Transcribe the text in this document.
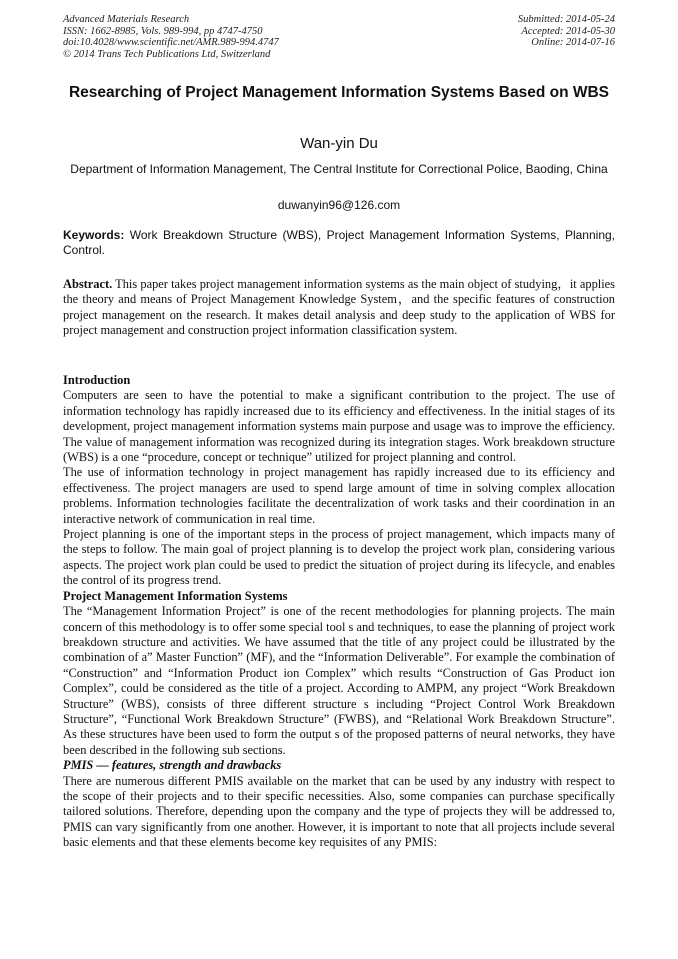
Advanced Materials Research
ISSN: 1662-8985, Vols. 989-994, pp 4747-4750
doi:10.4028/www.scientific.net/AMR.989-994.4747
© 2014 Trans Tech Publications Ltd, Switzerland
Submitted: 2014-05-24
Accepted: 2014-05-30
Online: 2014-07-16
Researching of Project Management Information Systems Based on WBS
Wan-yin Du
Department of Information Management, The Central Institute for Correctional Police, Baoding, China
duwanyin96@126.com

Keywords: Work Breakdown Structure (WBS), Project Management Information Systems, Planning, Control.

Abstract. This paper takes project management information systems as the main object of studying，it applies the theory and means of Project Management Knowledge System，and the specific features of construction project management on the research. It makes detail analysis and deep study to the application of WBS for project management and construction project information classification system.

Introduction

Computers are seen to have the potential to make a significant contribution to the project. The use of information technology has rapidly increased due to its efficiency and effectiveness. In the initial stages of its development, project management information systems main purpose and usage was to improve the efficiency. The value of management information was recognized during its integration stages. Work breakdown structure (WBS) is a one “procedure, concept or technique” utilized for project planning and control.

The use of information technology in project management has rapidly increased due to its efficiency and effectiveness. The project managers are used to spend large amount of time in solving complex allocation problems. Information technologies facilitate the decentralization of work tasks and their coordination in an interactive network of communication in real time.

Project planning is one of the important steps in the process of project management, which impacts many of the steps to follow. The main goal of project planning is to develop the project work plan, considering various aspects. The project work plan could be used to predict the situation of project during its lifecycle, and enables the control of its progress trend.

Project Management Information Systems

The “Management Information Project” is one of the recent methodologies for planning projects. The main concern of this methodology is to offer some special tool s and techniques, to ease the planning of project work breakdown structure and activities. We have assumed that the title of any project could be illustrated by the combination of a” Master Function” (MF), and the “Information Deliverable”. For example the combination of “Construction” and “Information Product ion Complex” which results “Construction of Gas Product ion Complex”, could be considered as the title of a project. According to AMPM, any project “Work Breakdown Structure” (WBS), consists of three different structure s including “Project Control Work Breakdown Structure”, “Functional Work Breakdown Structure” (FWBS), and “Relational Work Breakdown Structure”. As these structures have been used to form the output s of the proposed patterns of neural networks, they have been described in the following sub sections.

PMIS — features, strength and drawbacks

There are numerous different PMIS available on the market that can be used by any industry with respect to the scope of their projects and to their specific necessities. Also, some companies can purchase specifically tailored solutions. Therefore, depending upon the company and the type of projects they will be addressed to, PMIS can vary significantly from one another. However, it is important to note that all projects include several basic elements and that these elements become key requisites of any PMIS:
